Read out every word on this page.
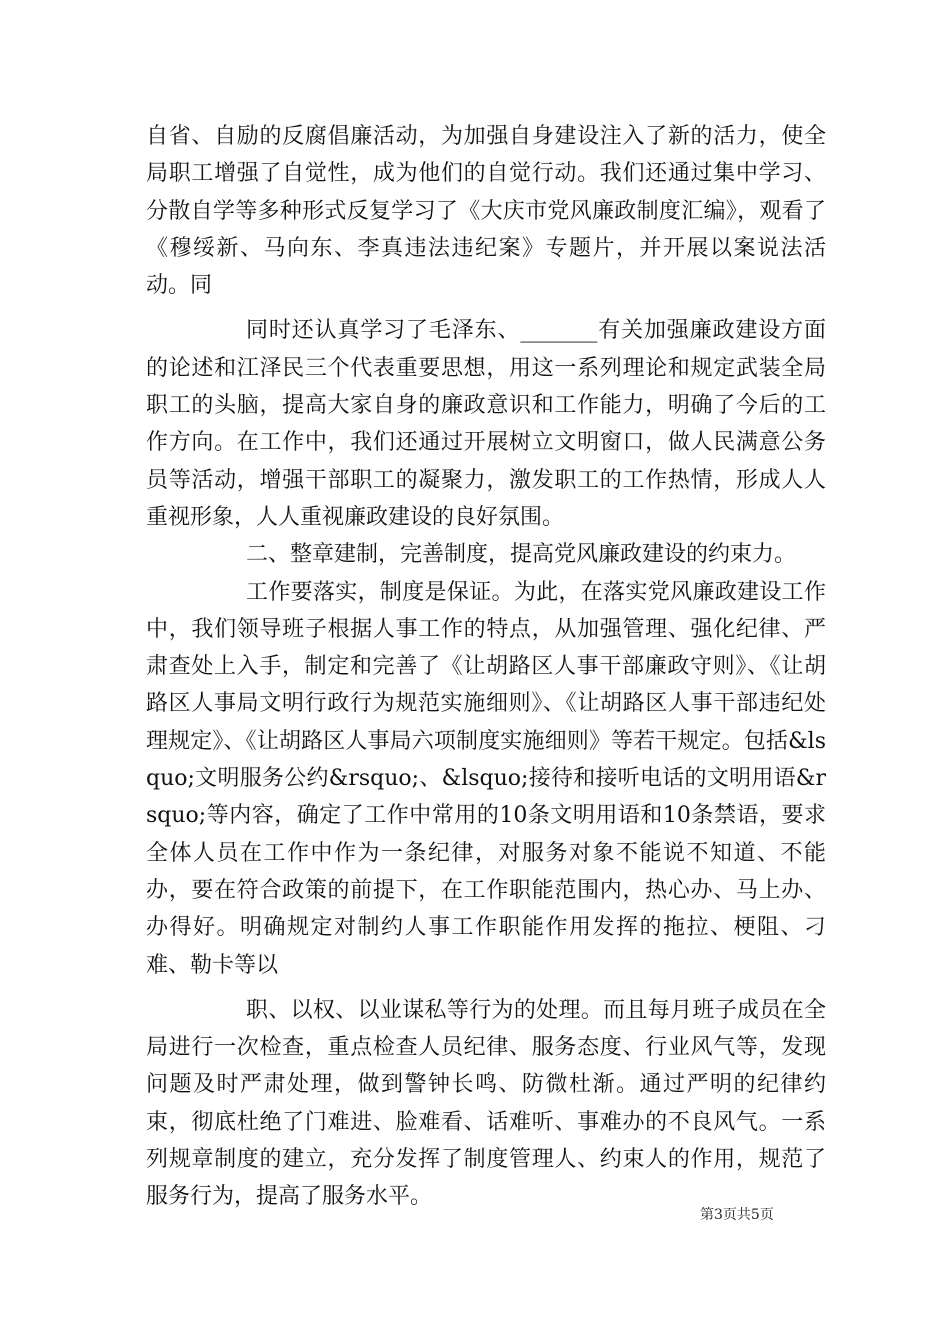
自省、自励的反腐倡廉活动，为加强自身建设注入了新的活力，使全局职工增强了自觉性，成为他们的自觉行动。我们还通过集中学习、分散自学等多种形式反复学习了《大庆市党风廉政制度汇编》，观看了《穆绥新、马向东、李真违法违纪案》专题片，并开展以案说法活动。同

同时还认真学习了毛泽东、_______有关加强廉政建设方面的论述和江泽民三个代表重要思想，用这一系列理论和规定武装全局职工的头脑，提高大家自身的廉政意识和工作能力，明确了今后的工作方向。在工作中，我们还通过开展树立文明窗口，做人民满意公务员等活动，增强干部职工的凝聚力，激发职工的工作热情，形成人人重视形象，人人重视廉政建设的良好氛围。

二、整章建制，完善制度，提高党风廉政建设的约束力。

工作要落实，制度是保证。为此，在落实党风廉政建设工作中，我们领导班子根据人事工作的特点，从加强管理、强化纪律、严肃查处上入手，制定和完善了《让胡路区人事干部廉政守则》、《让胡路区人事局文明行政行为规范实施细则》、《让胡路区人事干部违纪处理规定》、《让胡路区人事局六项制度实施细则》等若干规定。包括&lsquo;文明服务公约&rsquo;、&lsquo;接待和接听电话的文明用语&rsquo;等内容，确定了工作中常用的10条文明用语和10条禁语，要求全体人员在工作中作为一条纪律，对服务对象不能说不知道、不能办，要在符合政策的前提下，在工作职能范围内，热心办、马上办、办得好。明确规定对制约人事工作职能作用发挥的拖拉、梗阻、刁难、勒卡等以

职、以权、以业谋私等行为的处理。而且每月班子成员在全局进行一次检查，重点检查人员纪律、服务态度、行业风气等，发现问题及时严肃处理，做到警钟长鸣、防微杜渐。通过严明的纪律约束，彻底杜绝了门难进、脸难看、话难听、事难办的不良风气。一系列规章制度的建立，充分发挥了制度管理人、约束人的作用，规范了服务行为，提高了服务水平。

第3页共5页
